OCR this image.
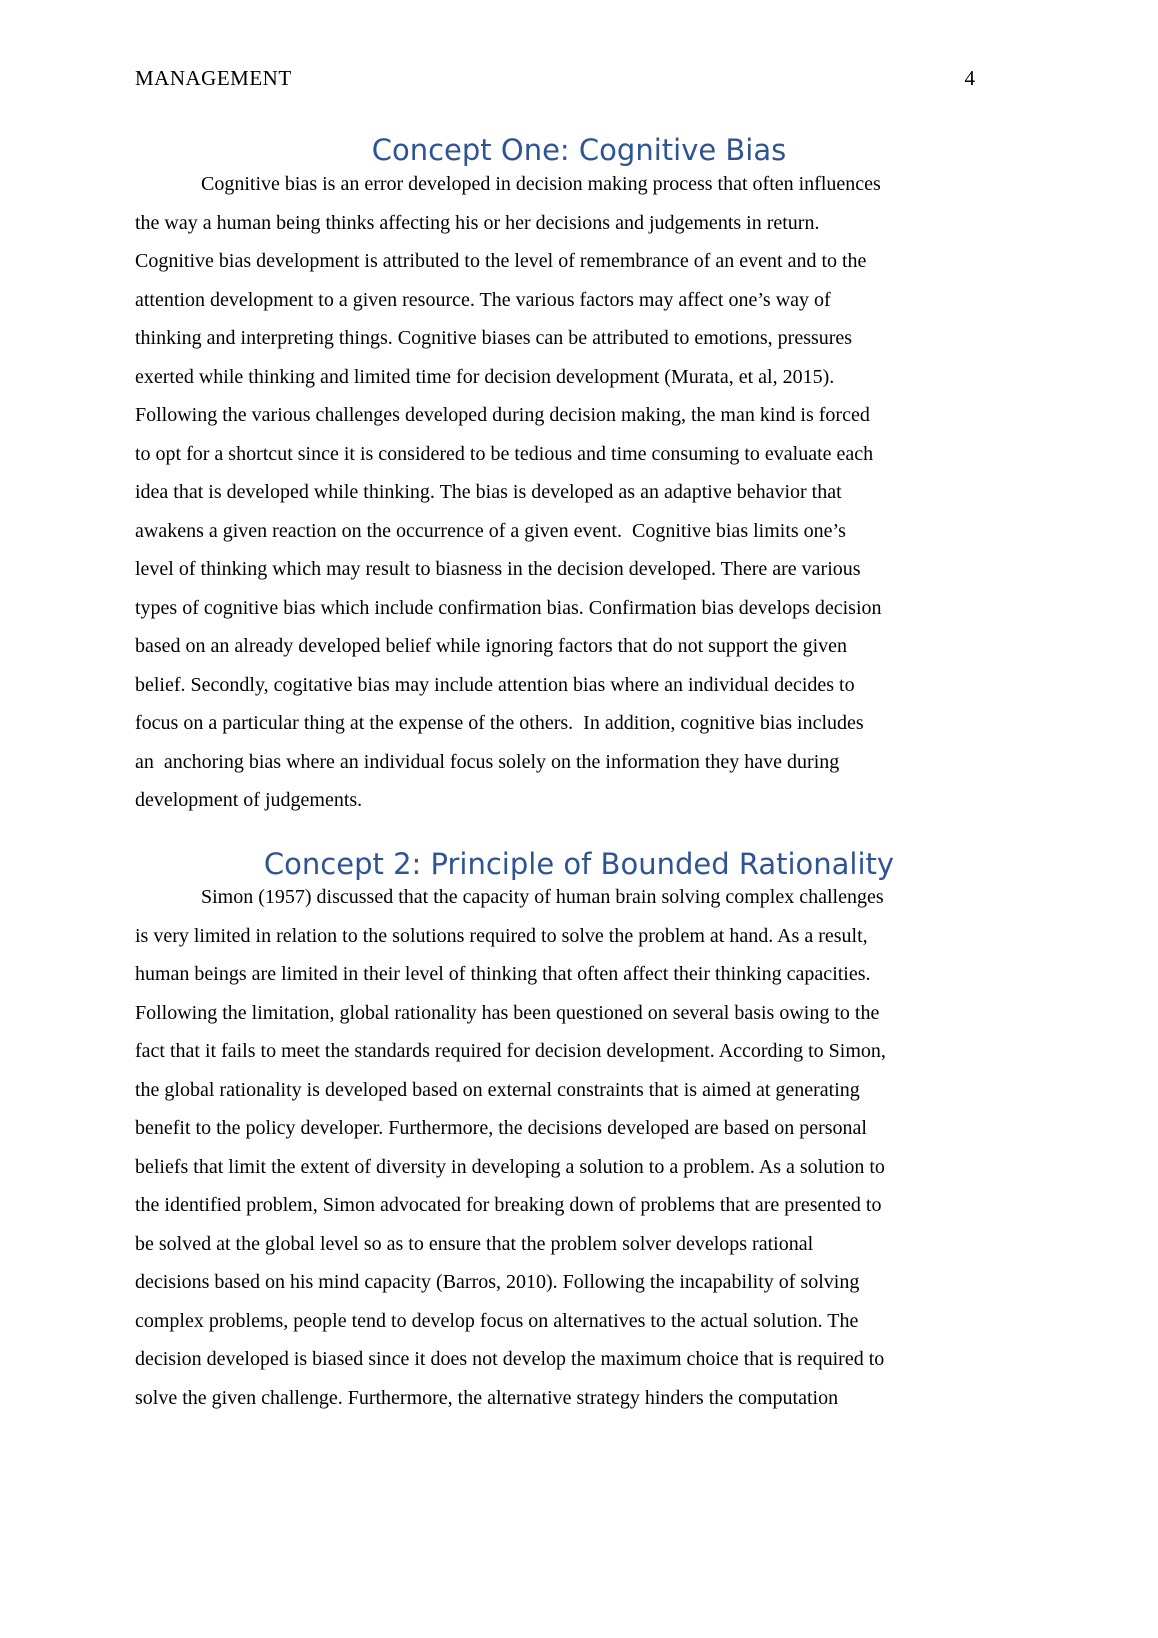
MANAGEMENT	4
Concept One: Cognitive Bias
Cognitive bias is an error developed in decision making process that often influences
the way a human being thinks affecting his or her decisions and judgements in return.
Cognitive bias development is attributed to the level of remembrance of an event and to the
attention development to a given resource. The various factors may affect one’s way of
thinking and interpreting things. Cognitive biases can be attributed to emotions, pressures
exerted while thinking and limited time for decision development (Murata, et al, 2015).
Following the various challenges developed during decision making, the man kind is forced
to opt for a shortcut since it is considered to be tedious and time consuming to evaluate each
idea that is developed while thinking. The bias is developed as an adaptive behavior that
awakens a given reaction on the occurrence of a given event.  Cognitive bias limits one’s
level of thinking which may result to biasness in the decision developed. There are various
types of cognitive bias which include confirmation bias. Confirmation bias develops decision
based on an already developed belief while ignoring factors that do not support the given
belief. Secondly, cogitative bias may include attention bias where an individual decides to
focus on a particular thing at the expense of the others.  In addition, cognitive bias includes
an  anchoring bias where an individual focus solely on the information they have during
development of judgements.
Concept 2: Principle of Bounded Rationality
Simon (1957) discussed that the capacity of human brain solving complex challenges
is very limited in relation to the solutions required to solve the problem at hand. As a result,
human beings are limited in their level of thinking that often affect their thinking capacities.
Following the limitation, global rationality has been questioned on several basis owing to the
fact that it fails to meet the standards required for decision development. According to Simon,
the global rationality is developed based on external constraints that is aimed at generating
benefit to the policy developer. Furthermore, the decisions developed are based on personal
beliefs that limit the extent of diversity in developing a solution to a problem. As a solution to
the identified problem, Simon advocated for breaking down of problems that are presented to
be solved at the global level so as to ensure that the problem solver develops rational
decisions based on his mind capacity (Barros, 2010). Following the incapability of solving
complex problems, people tend to develop focus on alternatives to the actual solution. The
decision developed is biased since it does not develop the maximum choice that is required to
solve the given challenge. Furthermore, the alternative strategy hinders the computation
